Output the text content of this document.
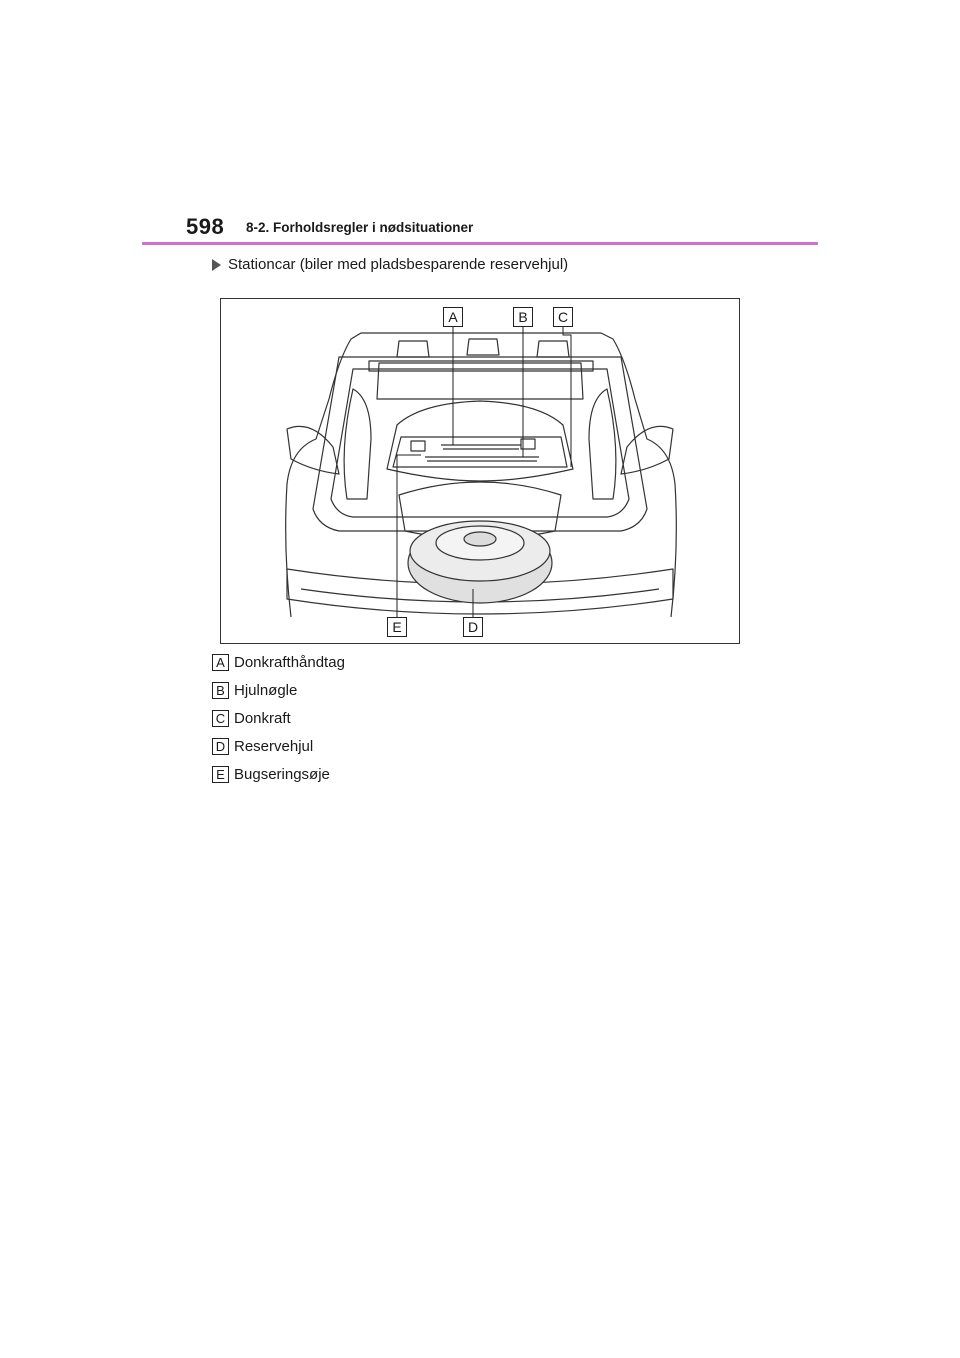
598 8-2. Forholdsregler i nødsituationer
Stationcar (biler med pladsbesparende reservehjul)
A	B	C
E	D
A Donkrafthåndtag
B Hjulnøgle
C Donkraft
D Reservehjul
E Bugseringsøje
